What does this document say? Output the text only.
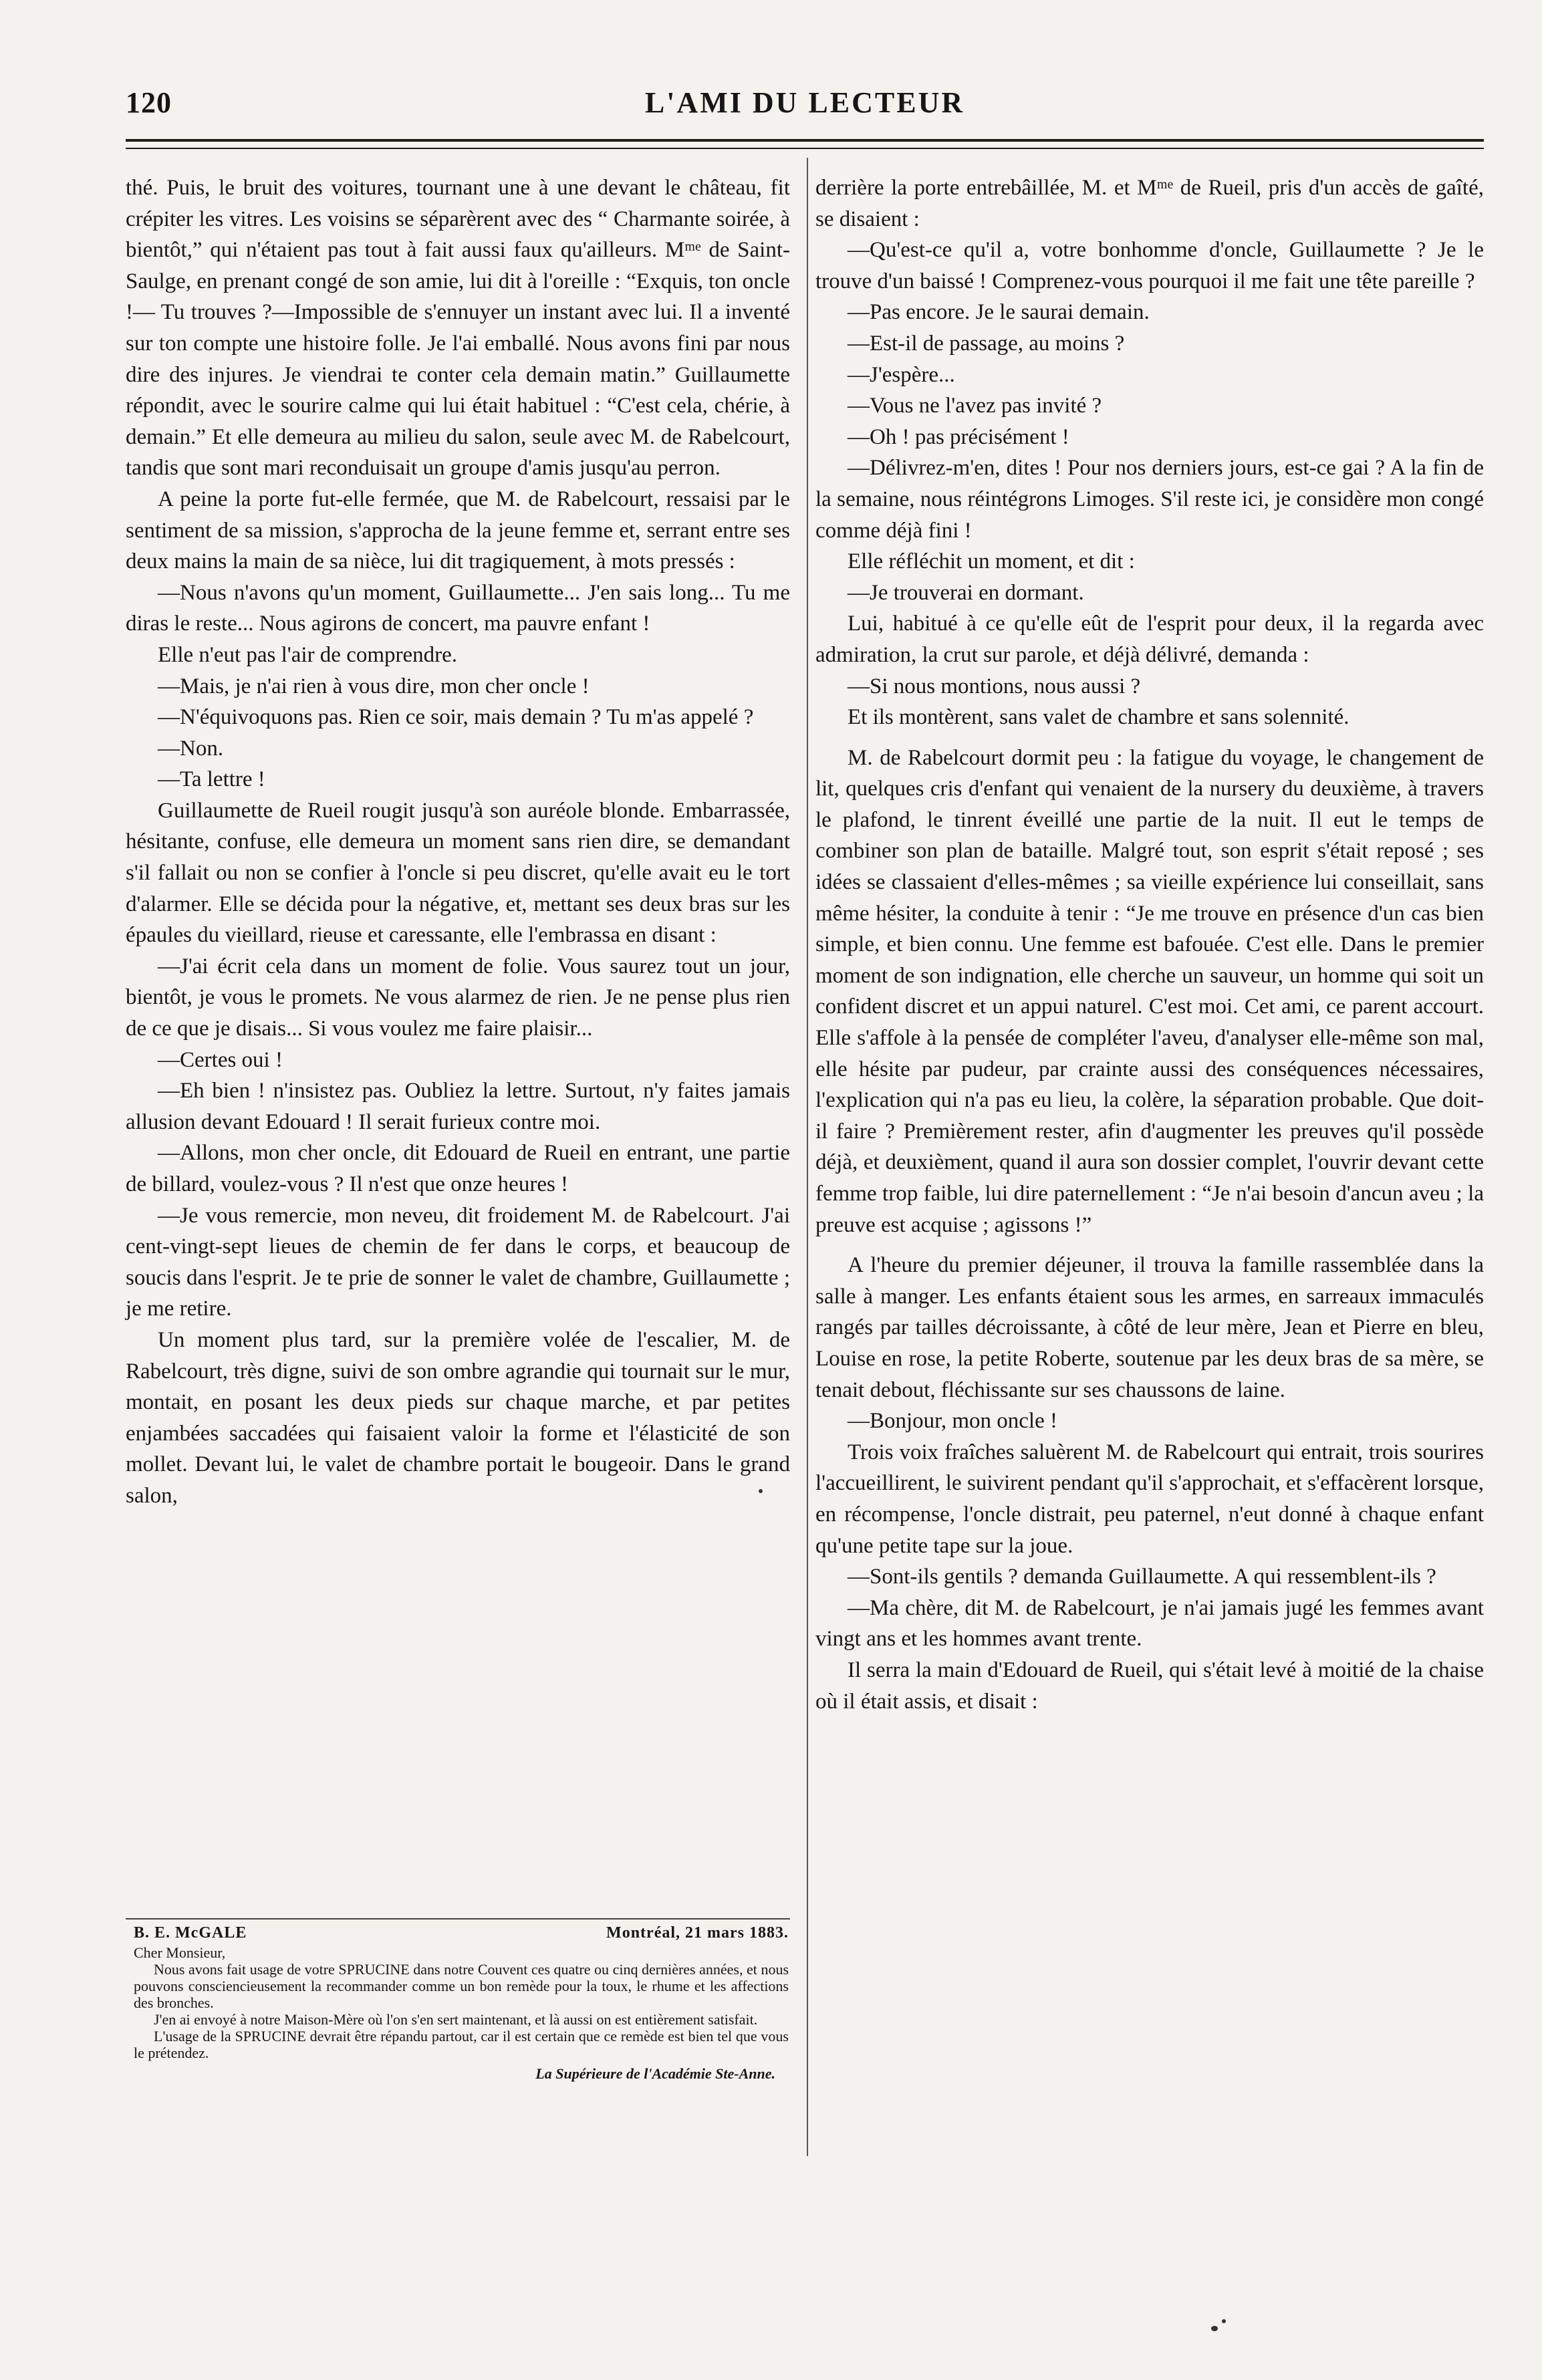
120	L'AMI DU LECTEUR

thé. Puis, le bruit des voitures, tournant une à une devant le château, fit crépiter les vitres. Les voisins se séparèrent avec des “ Charmante soirée, à bientôt,” qui n'étaient pas tout à fait aussi faux qu'ailleurs. Mᵐᵉ de Saint-Saulge, en prenant congé de son amie, lui dit à l'oreille : “Exquis, ton oncle !— Tu trouves ?—Impossible de s'ennuyer un instant avec lui. Il a inventé sur ton compte une histoire folle. Je l'ai emballé. Nous avons fini par nous dire des injures. Je viendrai te conter cela demain matin.” Guillaumette répondit, avec le sourire calme qui lui était habituel : “C'est cela, chérie, à demain.” Et elle demeura au milieu du salon, seule avec M. de Rabelcourt, tandis que sont mari reconduisait un groupe d'amis jusqu'au perron.

A peine la porte fut-elle fermée, que M. de Rabelcourt, ressaisi par le sentiment de sa mission, s'approcha de la jeune femme et, serrant entre ses deux mains la main de sa nièce, lui dit tragiquement, à mots pressés :

—Nous n'avons qu'un moment, Guillaumette... J'en sais long... Tu me diras le reste... Nous agirons de concert, ma pauvre enfant !

Elle n'eut pas l'air de comprendre.

—Mais, je n'ai rien à vous dire, mon cher oncle !

—N'équivoquons pas. Rien ce soir, mais demain ? Tu m'as appelé ?

—Non.

—Ta lettre !

Guillaumette de Rueil rougit jusqu'à son auréole blonde. Embarrassée, hésitante, confuse, elle demeura un moment sans rien dire, se demandant s'il fallait ou non se confier à l'oncle si peu discret, qu'elle avait eu le tort d'alarmer. Elle se décida pour la négative, et, mettant ses deux bras sur les épaules du vieillard, rieuse et caressante, elle l'embrassa en disant :

—J'ai écrit cela dans un moment de folie. Vous saurez tout un jour, bientôt, je vous le promets. Ne vous alarmez de rien. Je ne pense plus rien de ce que je disais... Si vous voulez me faire plaisir...

—Certes oui !

—Eh bien ! n'insistez pas. Oubliez la lettre. Surtout, n'y faites jamais allusion devant Edouard ! Il serait furieux contre moi.

—Allons, mon cher oncle, dit Edouard de Rueil en entrant, une partie de billard, voulez-vous ? Il n'est que onze heures !

—Je vous remercie, mon neveu, dit froidement M. de Rabelcourt. J'ai cent-vingt-sept lieues de chemin de fer dans le corps, et beaucoup de soucis dans l'esprit. Je te prie de sonner le valet de chambre, Guillaumette ; je me retire.

Un moment plus tard, sur la première volée de l'escalier, M. de Rabelcourt, très digne, suivi de son ombre agrandie qui tournait sur le mur, montait, en posant les deux pieds sur chaque marche, et par petites enjambées saccadées qui faisaient valoir la forme et l'élasticité de son mollet. Devant lui, le valet de chambre portait le bougeoir. Dans le grand salon,

B. E. McGALE	Montréal, 21 mars 1883.

Cher Monsieur,

Nous avons fait usage de votre SPRUCINE dans notre Couvent ces quatre ou cinq dernières années, et nous pouvons consciencieusement la recommander comme un bon remède pour la toux, le rhume et les affections des bronches.

J'en ai envoyé à notre Maison-Mère où l'on s'en sert maintenant, et là aussi on est entièrement satisfait.

L'usage de la SPRUCINE devrait être répandu partout, car il est certain que ce remède est bien tel que vous le prétendez.

La Supérieure de l'Académie Ste-Anne.

derrière la porte entrebâillée, M. et Mᵐᵉ de Rueil, pris d'un accès de gaîté, se disaient :

—Qu'est-ce qu'il a, votre bonhomme d'oncle, Guillaumette ? Je le trouve d'un baissé ! Comprenez-vous pourquoi il me fait une tête pareille ?

—Pas encore. Je le saurai demain.

—Est-il de passage, au moins ?

—J'espère...

—Vous ne l'avez pas invité ?

—Oh ! pas précisément !

—Délivrez-m'en, dites ! Pour nos derniers jours, est-ce gai ? A la fin de la semaine, nous réintégrons Limoges. S'il reste ici, je considère mon congé comme déjà fini !

Elle réfléchit un moment, et dit :

—Je trouverai en dormant.

Lui, habitué à ce qu'elle eût de l'esprit pour deux, il la regarda avec admiration, la crut sur parole, et déjà délivré, demanda :

—Si nous montions, nous aussi ?

Et ils montèrent, sans valet de chambre et sans solennité.

M. de Rabelcourt dormit peu : la fatigue du voyage, le changement de lit, quelques cris d'enfant qui venaient de la nursery du deuxième, à travers le plafond, le tinrent éveillé une partie de la nuit. Il eut le temps de combiner son plan de bataille. Malgré tout, son esprit s'était reposé ; ses idées se classaient d'elles-mêmes ; sa vieille expérience lui conseillait, sans même hésiter, la conduite à tenir : “Je me trouve en présence d'un cas bien simple, et bien connu. Une femme est bafouée. C'est elle. Dans le premier moment de son indignation, elle cherche un sauveur, un homme qui soit un confident discret et un appui naturel. C'est moi. Cet ami, ce parent accourt. Elle s'affole à la pensée de compléter l'aveu, d'analyser elle-même son mal, elle hésite par pudeur, par crainte aussi des conséquences nécessaires, l'explication qui n'a pas eu lieu, la colère, la séparation probable. Que doit-il faire ? Premièrement rester, afin d'augmenter les preuves qu'il possède déjà, et deuxièment, quand il aura son dossier complet, l'ouvrir devant cette femme trop faible, lui dire paternellement : “Je n'ai besoin d'ancun aveu ; la preuve est acquise ; agissons !”

A l'heure du premier déjeuner, il trouva la famille rassemblée dans la salle à manger. Les enfants étaient sous les armes, en sarreaux immaculés rangés par tailles décroissante, à côté de leur mère, Jean et Pierre en bleu, Louise en rose, la petite Roberte, soutenue par les deux bras de sa mère, se tenait debout, fléchissante sur ses chaussons de laine.

—Bonjour, mon oncle !

Trois voix fraîches saluèrent M. de Rabelcourt qui entrait, trois sourires l'accueillirent, le suivirent pendant qu'il s'approchait, et s'effacèrent lorsque, en récompense, l'oncle distrait, peu paternel, n'eut donné à chaque enfant qu'une petite tape sur la joue.

—Sont-ils gentils ? demanda Guillaumette. A qui ressemblent-ils ?

—Ma chère, dit M. de Rabelcourt, je n'ai jamais jugé les femmes avant vingt ans et les hommes avant trente.

Il serra la main d'Edouard de Rueil, qui s'était levé à moitié de la chaise où il était assis, et disait :
